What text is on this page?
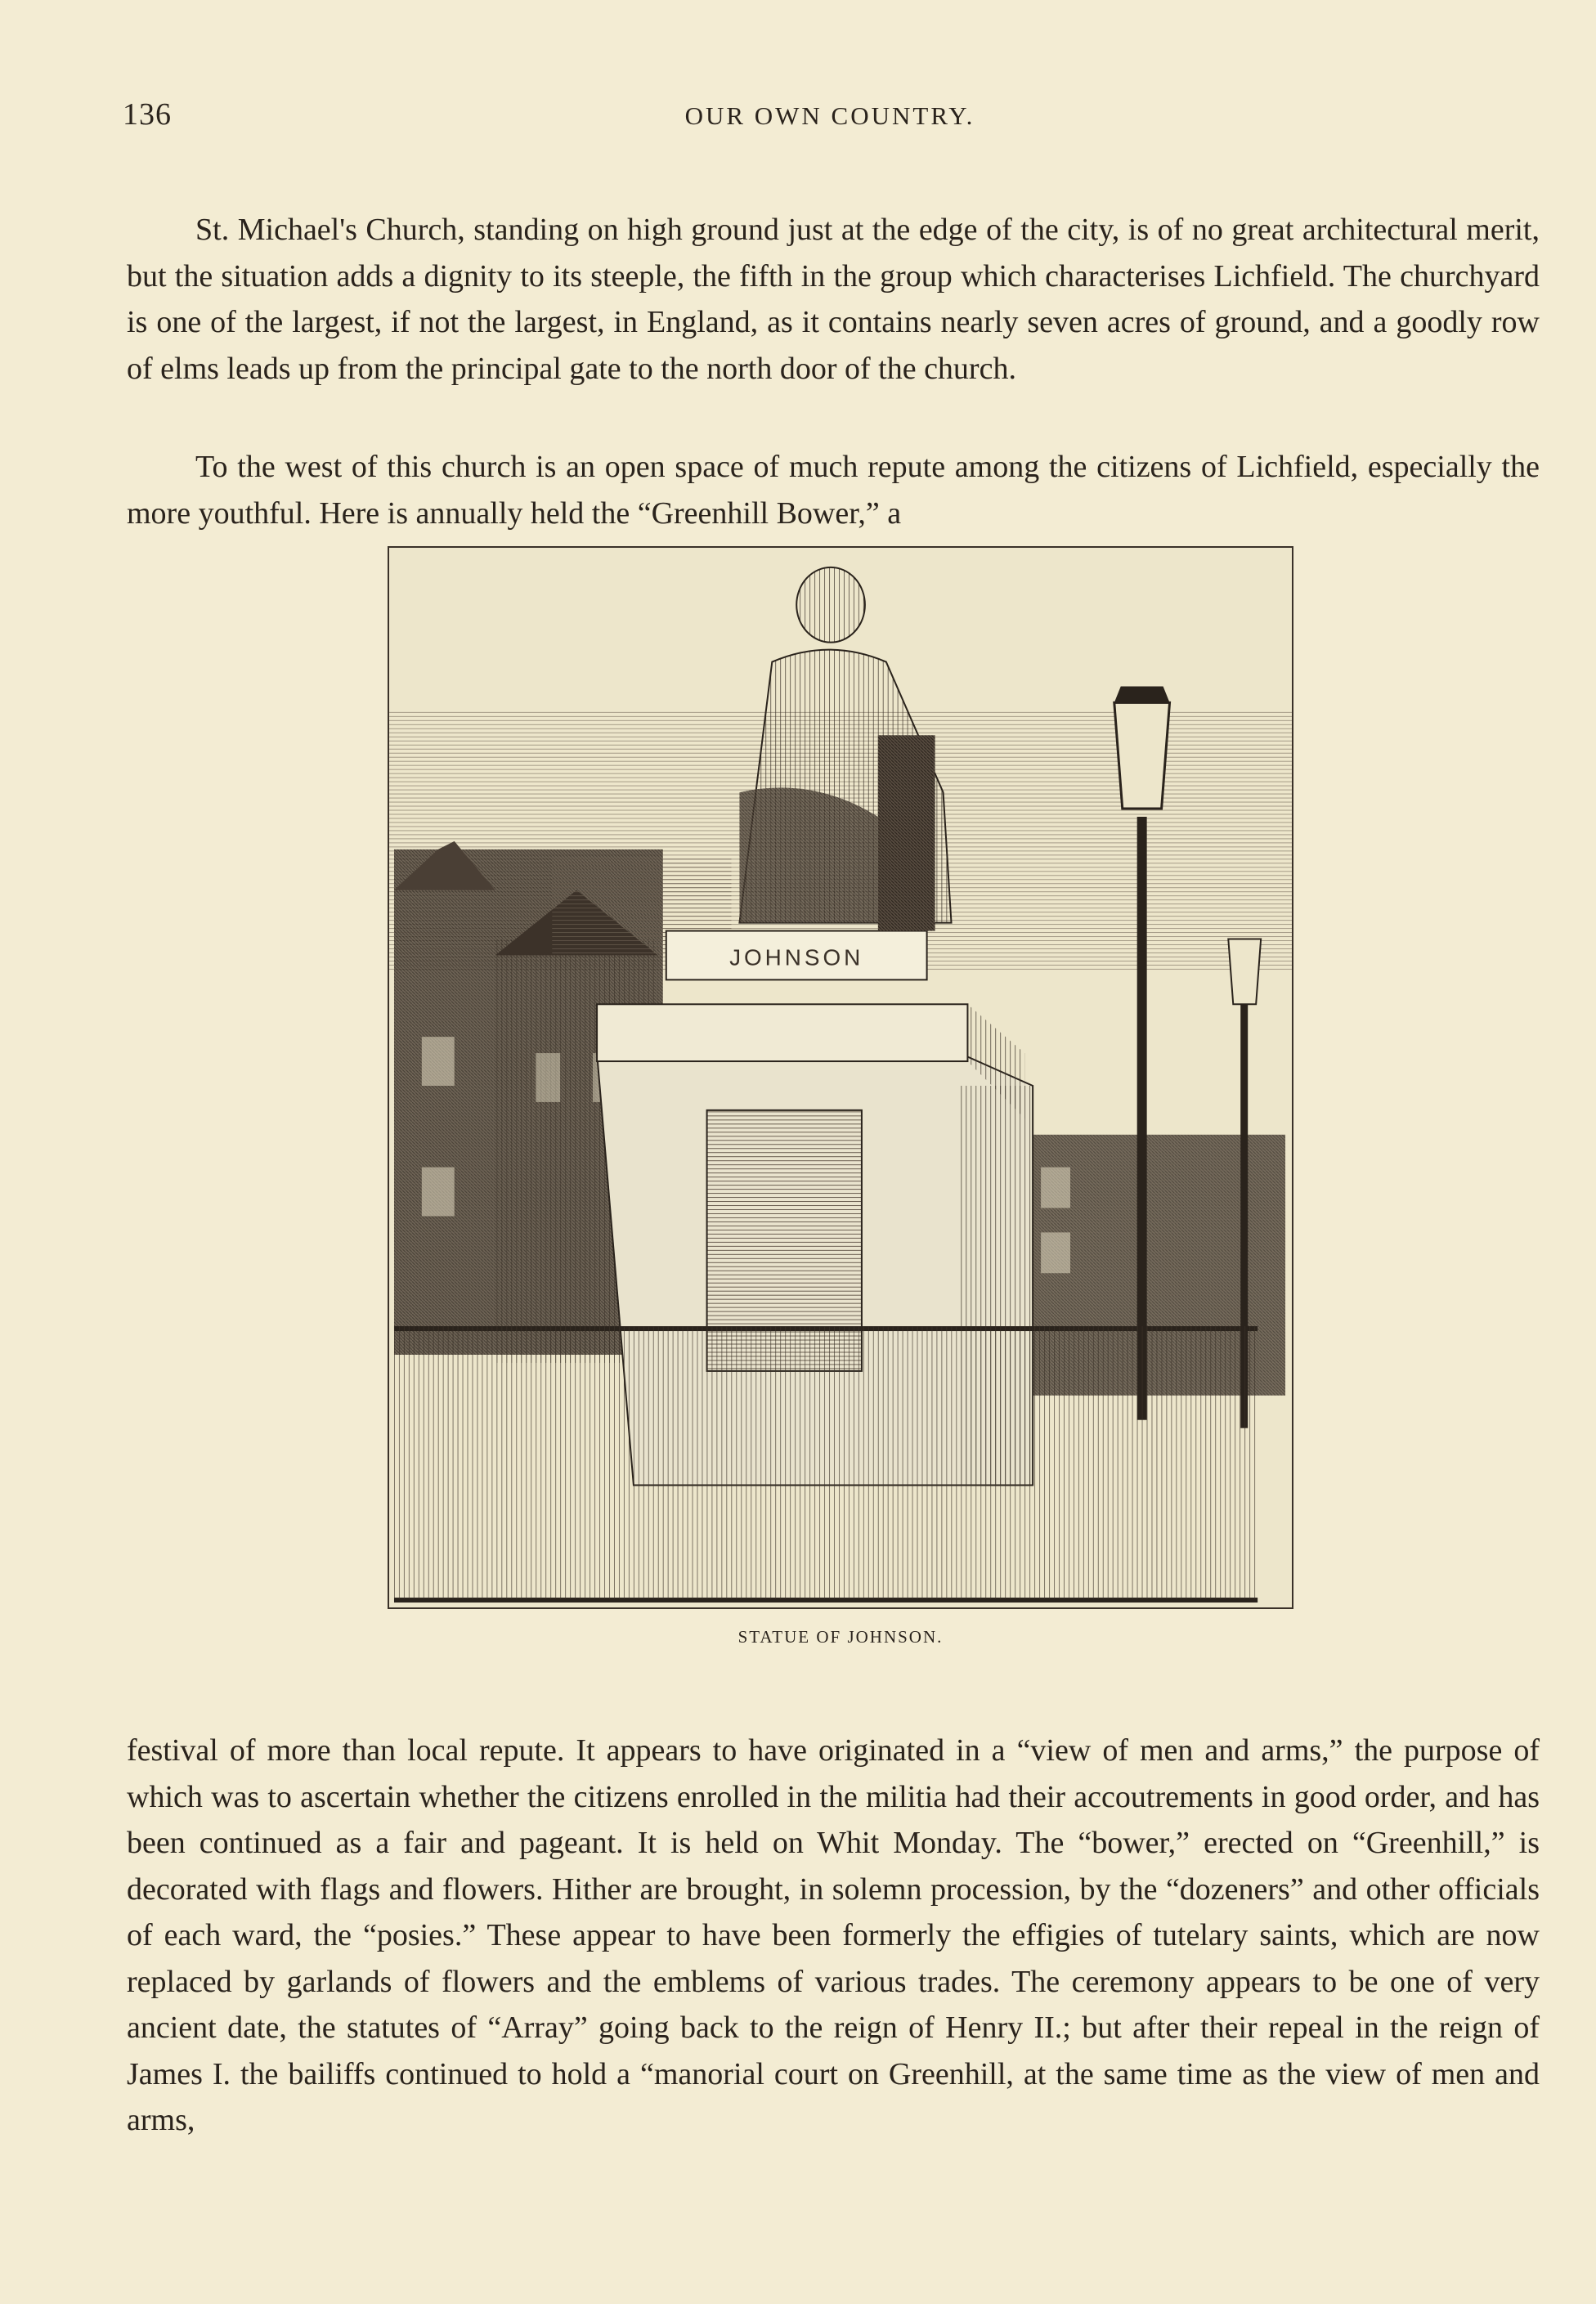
136	OUR OWN COUNTRY.

St. Michael's Church, standing on high ground just at the edge of the city, is of no great architectural merit, but the situation adds a dignity to its steeple, the fifth in the group which characterises Lichfield. The churchyard is one of the largest, if not the largest, in England, as it contains nearly seven acres of ground, and a goodly row of elms leads up from the principal gate to the north door of the church.

To the west of this church is an open space of much repute among the citizens of Lichfield, especially the more youthful. Here is annually held the “Greenhill Bower,” a

JOHNSON
STATUE OF JOHNSON.

festival of more than local repute. It appears to have originated in a “view of men and arms,” the purpose of which was to ascertain whether the citizens enrolled in the militia had their accoutrements in good order, and has been continued as a fair and pageant. It is held on Whit Monday. The “bower,” erected on “Greenhill,” is decorated with flags and flowers. Hither are brought, in solemn procession, by the “dozeners” and other officials of each ward, the “posies.” These appear to have been formerly the effigies of tutelary saints, which are now replaced by garlands of flowers and the emblems of various trades. The ceremony appears to be one of very ancient date, the statutes of “Array” going back to the reign of Henry II.; but after their repeal in the reign of James I. the bailiffs continued to hold a “manorial court on Greenhill, at the same time as the view of men and arms,
